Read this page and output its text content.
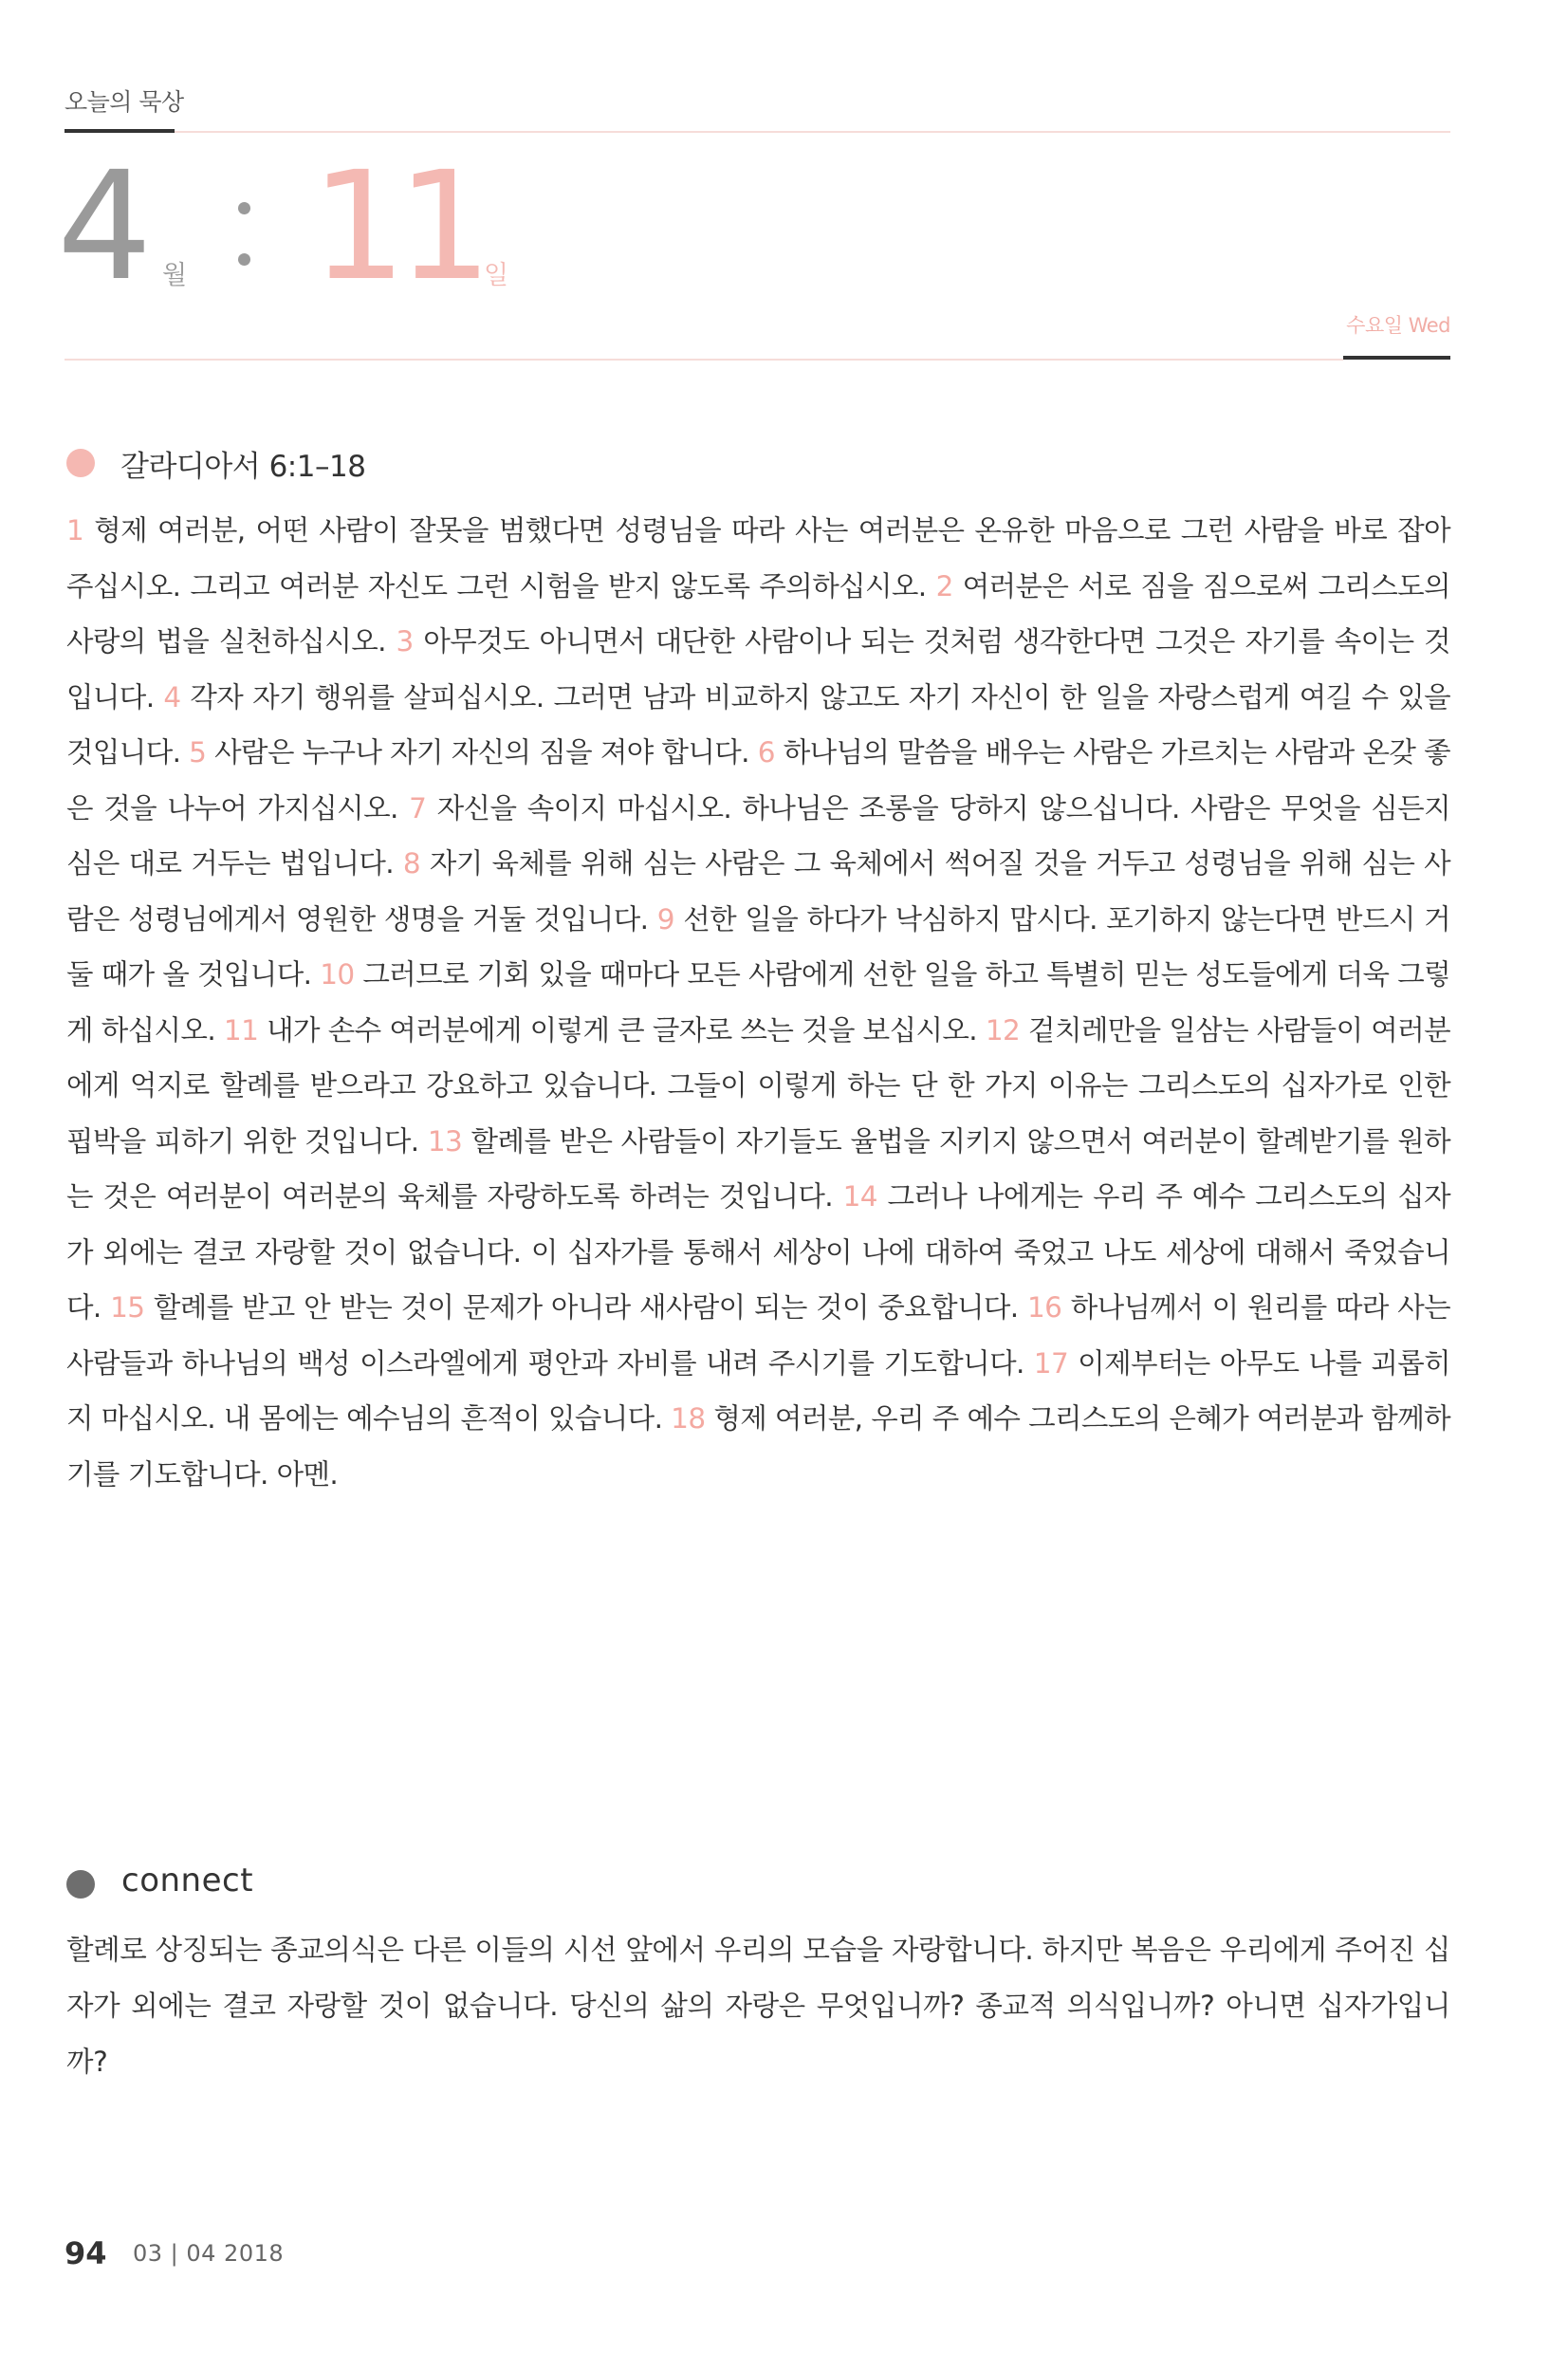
오늘의 묵상
4 월 11 일
수요일 Wed
갈라디아서 6:1–18
1 형제 여러분, 어떤 사람이 잘못을 범했다면 성령님을 따라 사는 여러분은 온유한 마음으로 그런 사람을 바로 잡아 주십시오. 그리고 여러분 자신도 그런 시험을 받지 않도록 주의하십시오. 2 여러분은 서로 짐을 짐으로써 그리스도의 사랑의 법을 실천하십시오. 3 아무것도 아니면서 대단한 사람이나 되는 것처럼 생각한다면 그것은 자기를 속이는 것입니다. 4 각자 자기 행위를 살피십시오. 그러면 남과 비교하지 않고도 자기 자신이 한 일을 자랑스럽게 여길 수 있을 것입니다. 5 사람은 누구나 자기 자신의 짐을 져야 합니다. 6 하나님의 말씀을 배우는 사람은 가르치는 사람과 온갖 좋은 것을 나누어 가지십시오. 7 자신을 속이지 마십시오. 하나님은 조롱을 당하지 않으십니다. 사람은 무엇을 심든지 심은 대로 거두는 법입니다. 8 자기 육체를 위해 심는 사람은 그 육체에서 썩어질 것을 거두고 성령님을 위해 심는 사람은 성령님에게서 영원한 생명을 거둘 것입니다. 9 선한 일을 하다가 낙심하지 맙시다. 포기하지 않는다면 반드시 거둘 때가 올 것입니다. 10 그러므로 기회 있을 때마다 모든 사람에게 선한 일을 하고 특별히 믿는 성도들에게 더욱 그렇게 하십시오. 11 내가 손수 여러분에게 이렇게 큰 글자로 쓰는 것을 보십시오. 12 겉치레만을 일삼는 사람들이 여러분에게 억지로 할례를 받으라고 강요하고 있습니다. 그들이 이렇게 하는 단 한 가지 이유는 그리스도의 십자가로 인한 핍박을 피하기 위한 것입니다. 13 할례를 받은 사람들이 자기들도 율법을 지키지 않으면서 여러분이 할례받기를 원하는 것은 여러분이 여러분의 육체를 자랑하도록 하려는 것입니다. 14 그러나 나에게는 우리 주 예수 그리스도의 십자가 외에는 결코 자랑할 것이 없습니다. 이 십자가를 통해서 세상이 나에 대하여 죽었고 나도 세상에 대해서 죽었습니다. 15 할례를 받고 안 받는 것이 문제가 아니라 새사람이 되는 것이 중요합니다. 16 하나님께서 이 원리를 따라 사는 사람들과 하나님의 백성 이스라엘에게 평안과 자비를 내려 주시기를 기도합니다. 17 이제부터는 아무도 나를 괴롭히지 마십시오. 내 몸에는 예수님의 흔적이 있습니다. 18 형제 여러분, 우리 주 예수 그리스도의 은혜가 여러분과 함께하기를 기도합니다. 아멘.
connect
할례로 상징되는 종교의식은 다른 이들의 시선 앞에서 우리의 모습을 자랑합니다. 하지만 복음은 우리에게 주어진 십자가 외에는 결코 자랑할 것이 없습니다. 당신의 삶의 자랑은 무엇입니까? 종교적 의식입니까? 아니면 십자가입니까?
94 03 | 04 2018
